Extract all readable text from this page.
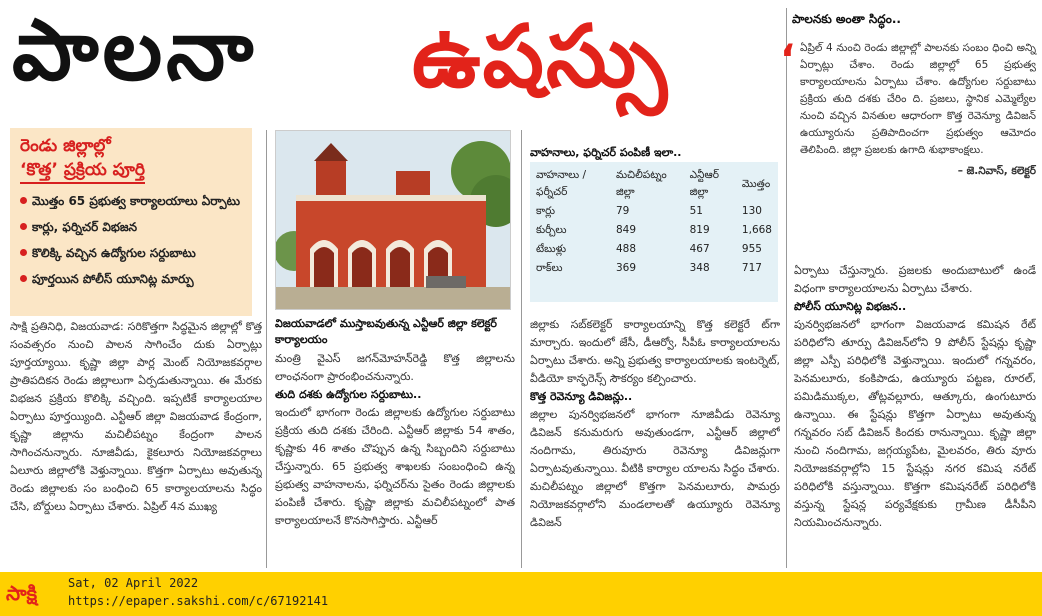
పాలనా ఉషస్సు
రెండు జిల్లాల్లో
‘కొత్త’ ప్రక్రియ పూర్తి
మొత్తం 65 ప్రభుత్వ కార్యాలయాలు ఏర్పాటు
కార్లు, ఫర్నిచర్ విభజన
కొలిక్కి వచ్చిన ఉద్యోగుల సర్దుబాటు
పూర్తయిన పోలీస్ యూనిట్ల మార్పు
విజయవాడలో ముస్తాబవుతున్న ఎన్టీఆర్ జిల్లా కలెక్టర్ కార్యాలయం

సాక్షి ప్రతినిధి, విజయవాడ: సరికొత్తగా సిద్ధమైన జిల్లాల్లో కొత్త సంవత్సరం నుంచి పాలన సాగించేం దుకు ఏర్పాట్లు పూర్తయ్యాయి. కృష్ణా జిల్లా పార్ల మెంట్ నియోజకవర్గాల ప్రాతిపదికన రెండు జిల్లాలుగా ఏర్పడుతున్నాయి. ఈ మేరకు విభజన ప్రక్రియ కొలిక్కి వచ్చింది. ఇప్పటికే కార్యాలయాల ఏర్పాటు పూర్తయ్యింది. ఎన్టీఆర్ జిల్లా విజయవాడ కేంద్రంగా, కృష్ణా జిల్లాను మచిలీపట్నం కేంద్రంగా పాలన సాగించనున్నారు. నూజివీడు, కైకలూరు నియోజకవర్గాలు ఏలూరు జిల్లాలోకి వెళ్తున్నాయి. కొత్తగా ఏర్పాటు అవుతున్న రెండు జిల్లాలకు సం బంధించి 65 కార్యాలయాలను సిద్ధం చేసి, బోర్డులు ఏర్పాటు చేశారు. ఏప్రిల్ 4న ముఖ్య

మంత్రి వైఎస్ జగన్‌మోహన్‌రెడ్డి కొత్త జిల్లాలను లాంఛనంగా ప్రారంభించనున్నారు.

తుది దశకు ఉద్యోగుల సర్దుబాటు..

ఇందులో భాగంగా రెండు జిల్లాలకు ఉద్యోగుల సర్దుబాటు ప్రక్రియ తుది దశకు చేరింది. ఎన్టీఆర్ జిల్లాకు 54 శాతం, కృష్ణాకు 46 శాతం చొప్పున ఉన్న సిబ్బందిని సర్దుబాటు చేస్తున్నారు. 65 ప్రభుత్వ శాఖలకు సంబంధించి ఉన్న ప్రభుత్వ వాహనాలను, ఫర్నిచర్‌ను సైతం రెండు జిల్లాలకు పంపిణీ చేశారు. కృష్ణా జిల్లాకు మచిలీపట్నంలో పాత కార్యాలయాలనే కొనసాగిస్తారు. ఎన్టీఆర్

వాహనాలు, ఫర్నిచర్ పంపిణీ ఇలా..
వాహనాలు /ఫర్నీచర్	మచిలీపట్నం జిల్లా	ఎన్టీఆర్ జిల్లా	మొత్తం
కార్లు	79	51	130
కుర్చీలు	849	819	1,668
టేబుళ్లు	488	467	955
రాక్‌లు	369	348	717

జిల్లాకు సబ్‌కలెక్టర్ కార్యాలయాన్ని కొత్త కలెక్టరే ట్‌గా మార్చారు. ఇందులో జేసీ, డీఆర్వో, సీపీఓ కార్యాలయాలను ఏర్పాటు చేశారు. అన్ని ప్రభుత్వ కార్యాలయాలకు ఇంటర్నెట్, వీడియో కాన్ఫరెన్స్ సౌకర్యం కల్పించారు.

కొత్త రెవెన్యూ డివిజన్లు..

జిల్లాల పునర్విభజనలో భాగంగా నూజివీడు రెవెన్యూ డివిజన్ కనుమరుగు అవుతుండగా, ఎన్టీఆర్ జిల్లాలో నందిగామ, తిరువూరు రెవెన్యూ డివిజన్లుగా ఏర్పాటవుతున్నాయి. వీటికి కార్యాల యాలను సిద్ధం చేశారు. మచిలీపట్నం జిల్లాలో కొత్తగా పెనమలూరు, పామర్రు నియోజకవర్గాలోని మండలాలతో ఉయ్యూరు రెవెన్యూ డివిజన్

పాలనకు అంతా సిద్ధం..
‘ ఏప్రిల్ 4 నుంచి రెండు జిల్లాల్లో పాలనకు సంబం ధించి అన్ని ఏర్పాట్లు చేశాం. రెండు జిల్లాల్లో 65 ప్రభుత్వ కార్యాలయాలను ఏర్పాటు చేశాం. ఉద్యోగుల సర్దుబాటు ప్రక్రియ తుది దశకు చేరిం ది. ప్రజలు, స్థానిక ఎమ్మెల్యేల నుంచి వచ్చిన వినతుల ఆధారంగా కొత్త రెవెన్యూ డివిజన్ ఉయ్యూరును ప్రతిపాదించగా ప్రభుత్వం ఆమోదం తెలిపింది. జిల్లా ప్రజలకు ఉగాది శుభాకాంక్షలు.

– జె.నివాస్, కలెక్టర్

ఏర్పాటు చేస్తున్నారు. ప్రజలకు అందుబాటులో ఉండే విధంగా కార్యాలయాలను ఏర్పాటు చేశారు.

పోలీస్ యూనిట్ల విభజన..

పునర్విభజనలో భాగంగా విజయవాడ కమిషన రేట్ పరిధిలోని తూర్పు డివిజన్‌లోని 9 పోలీస్ స్టేషన్లు కృష్ణా జిల్లా ఎస్పీ పరిధిలోకి వెళ్తున్నాయి. ఇందులో గన్నవరం, పెనమలూరు, కంకిపాడు, ఉయ్యూరు పట్టణ, రూరల్, పమిడిముక్కల, తోట్లవల్లూరు, ఆత్కూరు, ఉంగుటూరు ఉన్నాయి. ఈ స్టేషన్లు కొత్తగా ఏర్పాటు అవుతున్న గన్నవరం సబ్ డివిజన్ కిందకు రానున్నాయి. కృష్ణా జిల్లా నుంచి నందిగామ, జగ్గయ్యపేట, మైలవరం, తిరు వూరు నియోజకవర్గాల్లోని 15 స్టేషన్లు నగర కమిష నరేట్ పరిధిలోకి వస్తున్నాయి. కొత్తగా కమిషనరేట్ పరిధిలోకి వస్తున్న స్టేషన్ల పర్యవేక్షకుకు గ్రామీణ డీసీపీని నియమించనున్నారు.

సాక్షి	Sat, 02 April 2022
https://epaper.sakshi.com/c/67192141
